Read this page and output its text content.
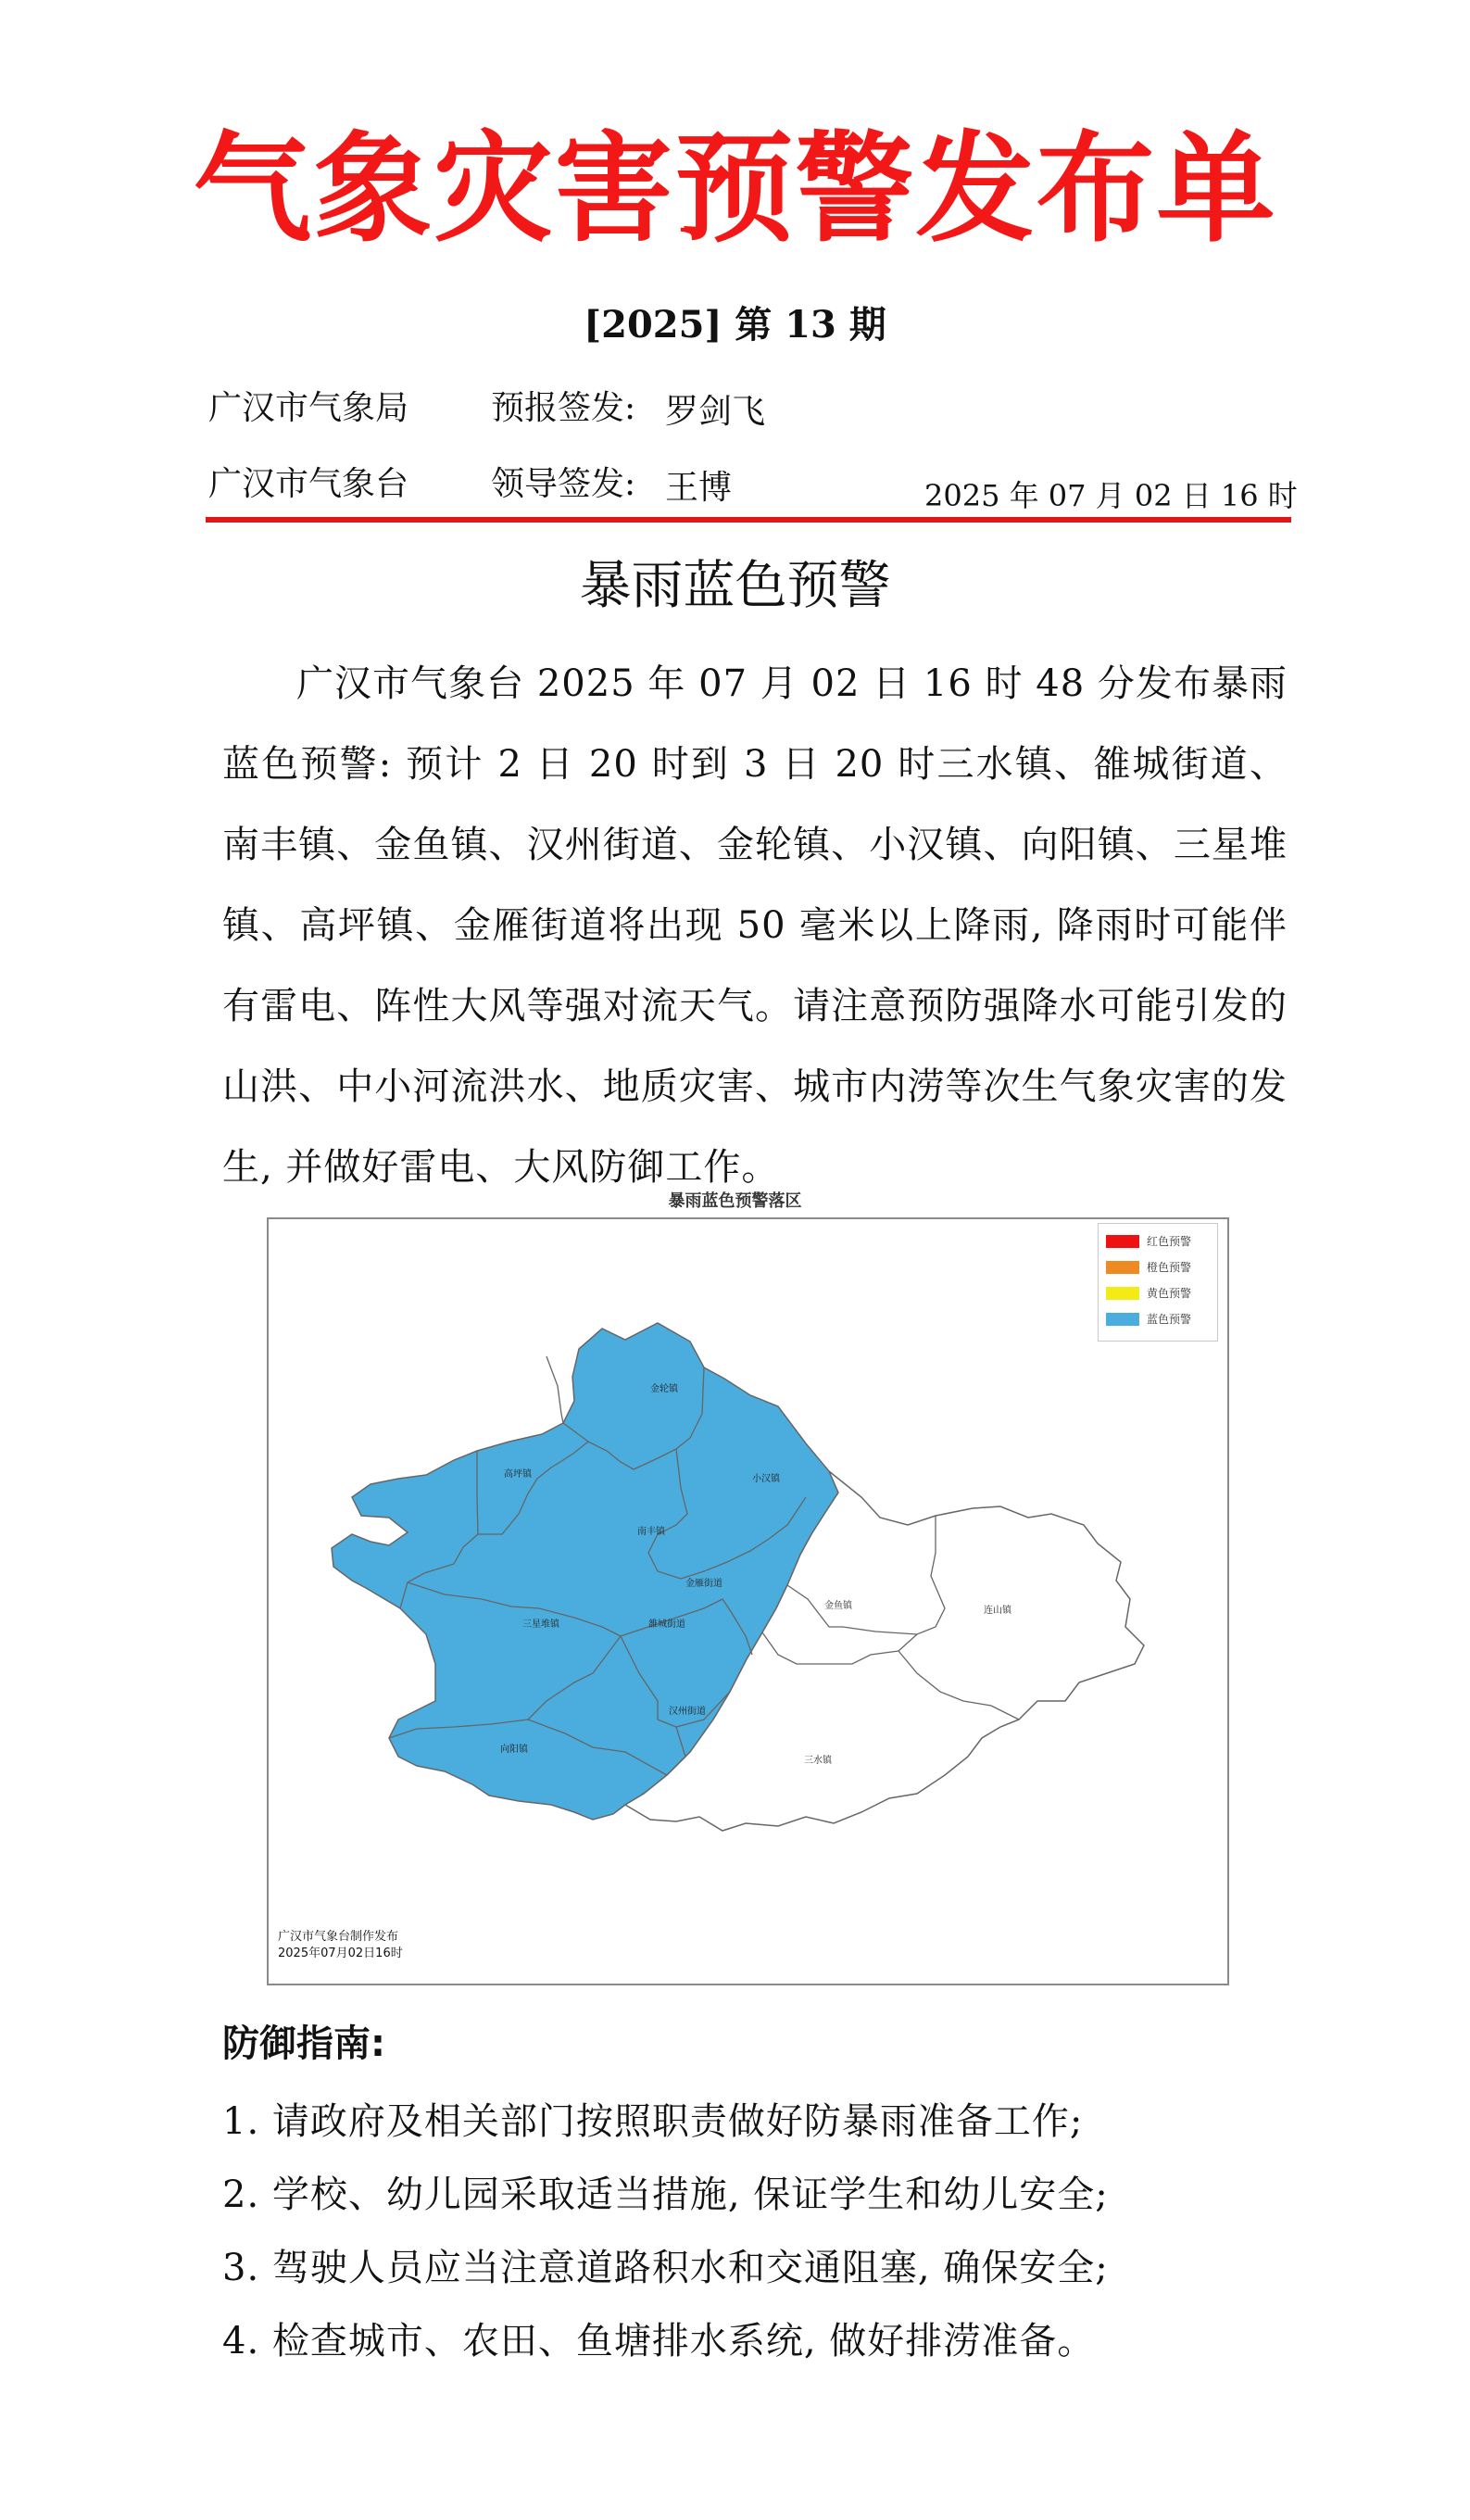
气象灾害预警发布单
[2025] 第 13 期
广汉市气象局 预报签发: 罗剑飞
广汉市气象台 领导签发: 王博	2025 年 07 月 02 日 16 时
暴雨蓝色预警
广汉市气象台 2025 年 07 月 02 日 16 时 48 分发布暴雨蓝色预警: 预计 2 日 20 时到 3 日 20 时三水镇、雒城街道、南丰镇、金鱼镇、汉州街道、金轮镇、小汉镇、向阳镇、三星堆镇、高坪镇、金雁街道将出现 50 毫米以上降雨, 降雨时可能伴有雷电、阵性大风等强对流天气。请注意预防强降水可能引发的山洪、中小河流洪水、地质灾害、城市内涝等次生气象灾害的发生, 并做好雷电、大风防御工作。
暴雨蓝色预警落区
金轮镇
高坪镇	小汉镇
南丰镇
金雁街道
三星堆镇	雒城街道
金鱼镇	连山镇
汉州街道
向阳镇
三水镇
红色预警
橙色预警
黄色预警
蓝色预警
广汉市气象台制作发布
2025年07月02日16时
防御指南:
1. 请政府及相关部门按照职责做好防暴雨准备工作;
2. 学校、幼儿园采取适当措施, 保证学生和幼儿安全;
3. 驾驶人员应当注意道路积水和交通阻塞, 确保安全;
4. 检查城市、农田、鱼塘排水系统, 做好排涝准备。
